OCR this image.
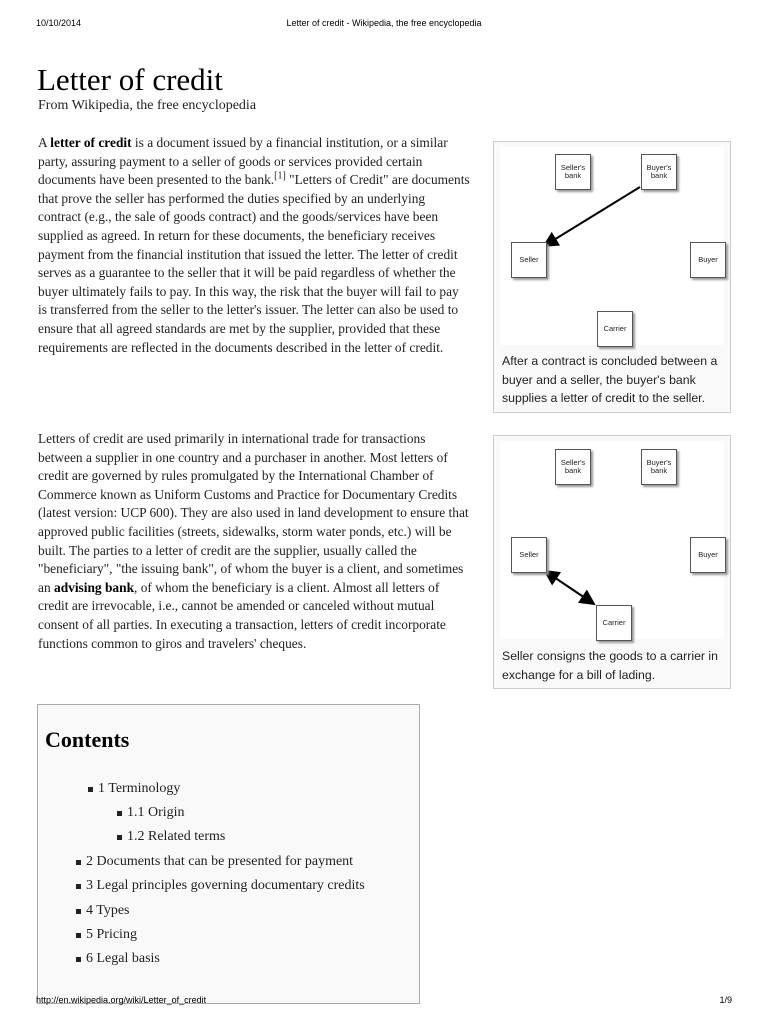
10/10/2014	Letter of credit - Wikipedia, the free encyclopedia
Letter of credit
From Wikipedia, the free encyclopedia

A letter of credit is a document issued by a financial institution, or a similar party, assuring payment to a seller of goods or services provided certain documents have been presented to the bank.[1] "Letters of Credit" are documents that prove the seller has performed the duties specified by an underlying contract (e.g., the sale of goods contract) and the goods/services have been supplied as agreed. In return for these documents, the beneficiary receives payment from the financial institution that issued the letter. The letter of credit serves as a guarantee to the seller that it will be paid regardless of whether the buyer ultimately fails to pay. In this way, the risk that the buyer will fail to pay is transferred from the seller to the letter's issuer. The letter can also be used to ensure that all agreed standards are met by the supplier, provided that these requirements are reflected in the documents described in the letter of credit.

Letters of credit are used primarily in international trade for transactions between a supplier in one country and a purchaser in another. Most letters of credit are governed by rules promulgated by the International Chamber of Commerce known as Uniform Customs and Practice for Documentary Credits (latest version: UCP 600). They are also used in land development to ensure that approved public facilities (streets, sidewalks, storm water ponds, etc.) will be built. The parties to a letter of credit are the supplier, usually called the "beneficiary", "the issuing bank", of whom the buyer is a client, and sometimes an advising bank, of whom the beneficiary is a client. Almost all letters of credit are irrevocable, i.e., cannot be amended or canceled without mutual consent of all parties. In executing a transaction, letters of credit incorporate functions common to giros and travelers' cheques.

Seller's bank
Buyer's bank
Seller	Buyer
Carrier
After a contract is concluded between a buyer and a seller, the buyer's bank supplies a letter of credit to the seller.
Seller's bank
Buyer's bank
Seller	Buyer
Carrier
Seller consigns the goods to a carrier in exchange for a bill of lading.
Contents
1 Terminology
1.1 Origin
1.2 Related terms
2 Documents that can be presented for payment
3 Legal principles governing documentary credits
4 Types
5 Pricing
6 Legal basis
http://en.wikipedia.org/wiki/Letter_of_credit	1/9
